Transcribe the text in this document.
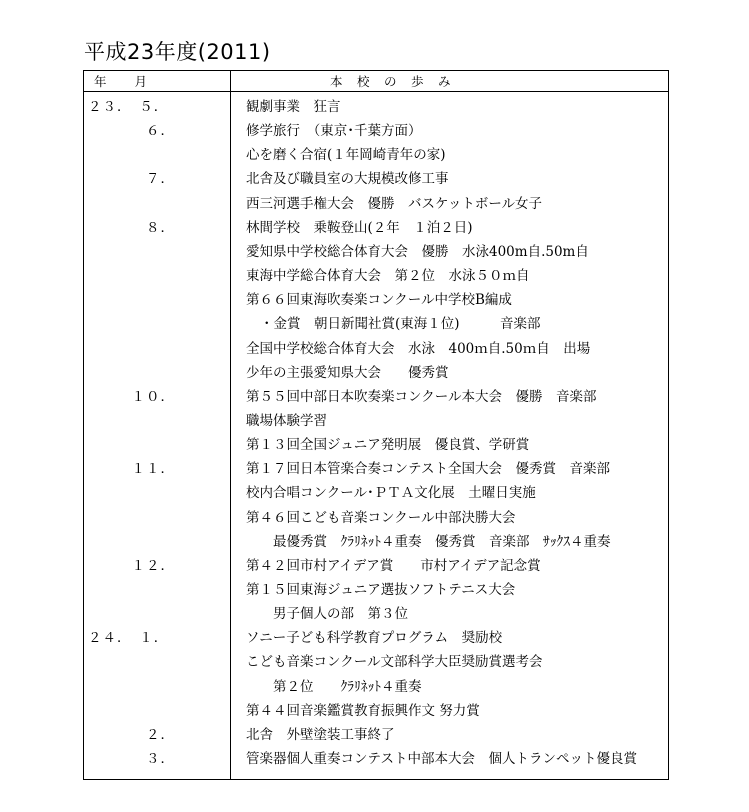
平成23年度(2011)
年　　月	本　校　の　歩　み
２３．　５．	観劇事業　狂言
　　　　６．	修学旅行　（東京･千葉方面）
心を磨く合宿(１年岡崎青年の家)
　　　　７．	北舎及び職員室の大規模改修工事
西三河選手権大会　優勝　バスケットボール女子
　　　　８．	林間学校　乗鞍登山(２年　１泊２日)
愛知県中学校総合体育大会　優勝　水泳400m自.50m自
東海中学総合体育大会　第２位　水泳５０ｍ自
第６６回東海吹奏楽コンクール中学校B編成
・金賞　朝日新聞社賞(東海１位)　　　音楽部
全国中学校総合体育大会　水泳　400ｍ自.50ｍ自　出場
少年の主張愛知県大会　　優秀賞
　　　１０．	第５５回中部日本吹奏楽コンクール本大会　優勝　音楽部
職場体験学習
第１３回全国ジュニア発明展　優良賞、学研賞
　　　１１．	第１７回日本管楽合奏コンテスト全国大会　優秀賞　音楽部
校内合唱コンクール･ＰＴＡ文化展　土曜日実施
第４６回こども音楽コンクール中部決勝大会
最優秀賞　ｸﾗﾘﾈｯﾄ４重奏　優秀賞　音楽部　ｻｯｸｽ４重奏
　　　１２．	第４２回市村アイデア賞　　市村アイデア記念賞
第１５回東海ジュニア選抜ソフトテニス大会
男子個人の部　第３位
２４．　１．	ソニー子ども科学教育プログラム　奨励校
こども音楽コンクール文部科学大臣奨励賞選考会
第２位　　ｸﾗﾘﾈｯﾄ４重奏
第４４回音楽鑑賞教育振興作文 努力賞
　　　　２．	北舎　外壁塗装工事終了
　　　　３．	管楽器個人重奏コンテスト中部本大会　個人トランペット優良賞
